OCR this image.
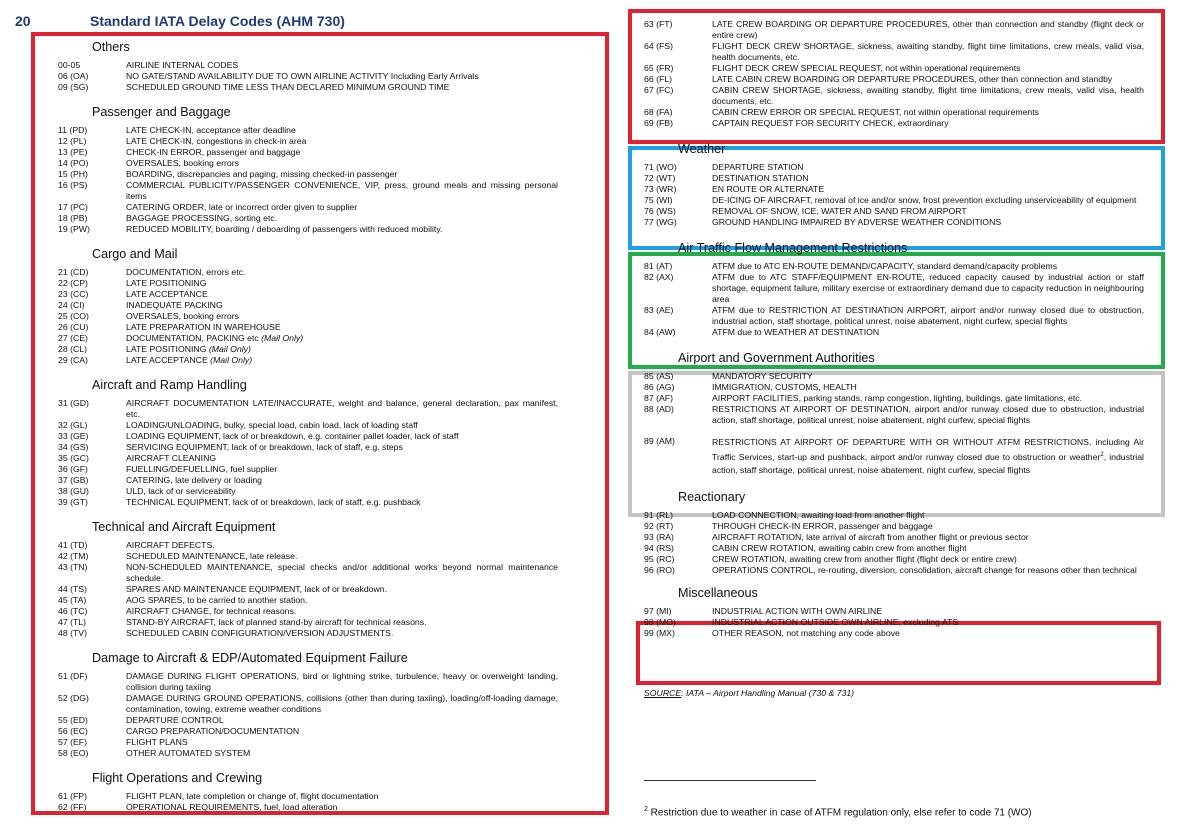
20	Standard IATA Delay Codes (AHM 730)
Others
00-05	AIRLINE INTERNAL CODES
06 (OA)	NO GATE/STAND AVAILABILITY DUE TO OWN AIRLINE ACTIVITY Including Early Arrivals
09 (SG)	SCHEDULED GROUND TIME LESS THAN DECLARED MINIMUM GROUND TIME
Passenger and Baggage
11 (PD)	LATE CHECK-IN, acceptance after deadline
12 (PL)	LATE CHECK-IN, congestions in check-in area
13 (PE)	CHECK-IN ERROR, passenger and baggage
14 (PO)	OVERSALES, booking errors
15 (PH)	BOARDING, discrepancies and paging, missing checked-in passenger
16 (PS)	COMMERCIAL PUBLICITY/PASSENGER CONVENIENCE, VIP, press, ground meals and missing personal items
17 (PC)	CATERING ORDER, late or incorrect order given to supplier
18 (PB)	BAGGAGE PROCESSING, sorting etc.
19 (PW)	REDUCED MOBILITY, boarding / deboarding of passengers with reduced mobility.
Cargo and Mail
21 (CD)	DOCUMENTATION, errors etc.
22 (CP)	LATE POSITIONING
23 (CC)	LATE ACCEPTANCE
24 (CI)	INADEQUATE PACKING
25 (CO)	OVERSALES, booking errors
26 (CU)	LATE PREPARATION IN WAREHOUSE
27 (CE)	DOCUMENTATION, PACKING etc (Mail Only)
28 (CL)	LATE POSITIONING (Mail Only)
29 (CA)	LATE ACCEPTANCE (Mail Only)
Aircraft and Ramp Handling
31 (GD)	AIRCRAFT DOCUMENTATION LATE/INACCURATE, weight and balance, general declaration, pax manifest, etc.
32 (GL)	LOADING/UNLOADING, bulky, special load, cabin load, lack of loading staff
33 (GE)	LOADING EQUIPMENT, lack of or breakdown, e.g. container pallet loader, lack of staff
34 (GS)	SERVICING EQUIPMENT, lack of or breakdown, lack of staff, e.g. steps
35 (GC)	AIRCRAFT CLEANING
36 (GF)	FUELLING/DEFUELLING, fuel supplier
37 (GB)	CATERING, late delivery or loading
38 (GU)	ULD, lack of or serviceability
39 (GT)	TECHNICAL EQUIPMENT, lack of or breakdown, lack of staff, e.g. pushback
Technical and Aircraft Equipment
41 (TD)	AIRCRAFT DEFECTS.
42 (TM)	SCHEDULED MAINTENANCE, late release.
43 (TN)	NON-SCHEDULED MAINTENANCE, special checks and/or additional works beyond normal maintenance schedule.
44 (TS)	SPARES AND MAINTENANCE EQUIPMENT, lack of or breakdown.
45 (TA)	AOG SPARES, to be carried to another station.
46 (TC)	AIRCRAFT CHANGE, for technical reasons.
47 (TL)	STAND-BY AIRCRAFT, lack of planned stand-by aircraft for technical reasons.
48 (TV)	SCHEDULED CABIN CONFIGURATION/VERSION ADJUSTMENTS.
Damage to Aircraft & EDP/Automated Equipment Failure
51 (DF)	DAMAGE DURING FLIGHT OPERATIONS, bird or lightning strike, turbulence, heavy or overweight landing, collision during taxiing
52 (DG)	DAMAGE DURING GROUND OPERATIONS, collisions (other than during taxiing), loading/off-loading damage, contamination, towing, extreme weather conditions
55 (ED)	DEPARTURE CONTROL
56 (EC)	CARGO PREPARATION/DOCUMENTATION
57 (EF)	FLIGHT PLANS
58 (EO)	OTHER AUTOMATED SYSTEM
Flight Operations and Crewing
61 (FP)	FLIGHT PLAN, late completion or change of, flight documentation
62 (FF)	OPERATIONAL REQUIREMENTS, fuel, load alteration
63 (FT)	LATE CREW BOARDING OR DEPARTURE PROCEDURES, other than connection and standby (flight deck or entire crew)
64 (FS)	FLIGHT DECK CREW SHORTAGE, sickness, awaiting standby, flight time limitations, crew meals, valid visa, health documents, etc.
65 (FR)	FLIGHT DECK CREW SPECIAL REQUEST, not within operational requirements
66 (FL)	LATE CABIN CREW BOARDING OR DEPARTURE PROCEDURES, other than connection and standby
67 (FC)	CABIN CREW SHORTAGE, sickness, awaiting standby, flight time limitations, crew meals, valid visa, health documents, etc.
68 (FA)	CABIN CREW ERROR OR SPECIAL REQUEST, not within operational requirements
69 (FB)	CAPTAIN REQUEST FOR SECURITY CHECK, extraordinary
Weather
71 (WO)	DEPARTURE STATION
72 (WT)	DESTINATION STATION
73 (WR)	EN ROUTE OR ALTERNATE
75 (WI)	DE-ICING OF AIRCRAFT, removal of ice and/or snow, frost prevention excluding unserviceability of equipment
76 (WS)	REMOVAL OF SNOW, ICE, WATER AND SAND FROM AIRPORT
77 (WG)	GROUND HANDLING IMPAIRED BY ADVERSE WEATHER CONDITIONS
Air Traffic Flow Management Restrictions
81 (AT)	ATFM due to ATC EN-ROUTE DEMAND/CAPACITY, standard demand/capacity problems
82 (AX)	ATFM due to ATC STAFF/EQUIPMENT EN-ROUTE, reduced capacity caused by industrial action or staff shortage, equipment failure, military exercise or extraordinary demand due to capacity reduction in neighbouring area
83 (AE)	ATFM due to RESTRICTION AT DESTINATION AIRPORT, airport and/or runway closed due to obstruction, industrial action, staff shortage, political unrest, noise abatement, night curfew, special flights
84 (AW)	ATFM due to WEATHER AT DESTINATION
Airport and Government Authorities
85 (AS)	MANDATORY SECURITY
86 (AG)	IMMIGRATION, CUSTOMS, HEALTH
87 (AF)	AIRPORT FACILITIES, parking stands, ramp congestion, lighting, buildings, gate limitations, etc.
88 (AD)	RESTRICTIONS AT AIRPORT OF DESTINATION, airport and/or runway closed due to obstruction, industrial action, staff shortage, political unrest, noise abatement, night curfew, special flights
89 (AM)	RESTRICTIONS AT AIRPORT OF DEPARTURE WITH OR WITHOUT ATFM RESTRICTIONS, including Air Traffic Services, start-up and pushback, airport and/or runway closed due to obstruction or weather$^2$, industrial action, staff shortage, political unrest, noise abatement, night curfew, special flights
Reactionary
91 (RL)	LOAD CONNECTION, awaiting load from another flight
92 (RT)	THROUGH CHECK-IN ERROR, passenger and baggage
93 (RA)	AIRCRAFT ROTATION, late arrival of aircraft from another flight or previous sector
94 (RS)	CABIN CREW ROTATION, awaiting cabin crew from another flight
95 (RC)	CREW ROTATION, awaiting crew from another flight (flight deck or entire crew)
96 (RO)	OPERATIONS CONTROL, re-routing, diversion, consolidation, aircraft change for reasons other than technical
Miscellaneous
97 (MI)	INDUSTRIAL ACTION WITH OWN AIRLINE
98 (MO)	INDUSTRIAL ACTION OUTSIDE OWN AIRLINE, excluding ATS
99 (MX)	OTHER REASON, not matching any code above
SOURCE: IATA – Airport Handling Manual (730 & 731)
$^2$ Restriction due to weather in case of ATFM regulation only, else refer to code 71 (WO)
